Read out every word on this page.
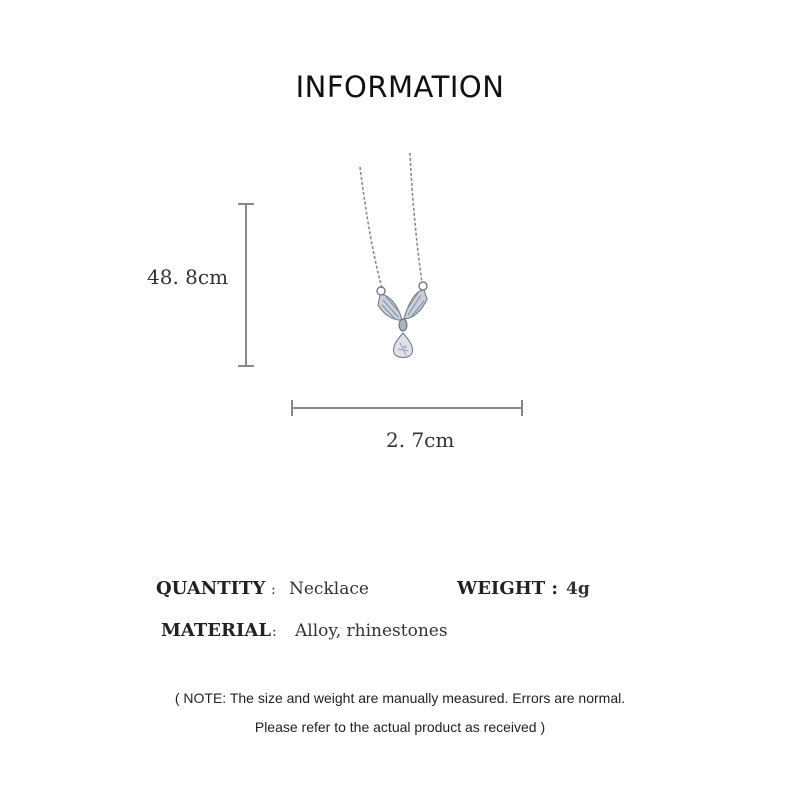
INFORMATION
48. 8cm
2. 7cm
QUANTITY : Necklace	WEIGHT : 4g
MATERIAL : Alloy, rhinestones
( NOTE: The size and weight are manually measured. Errors are normal.
Please refer to the actual product as received )
